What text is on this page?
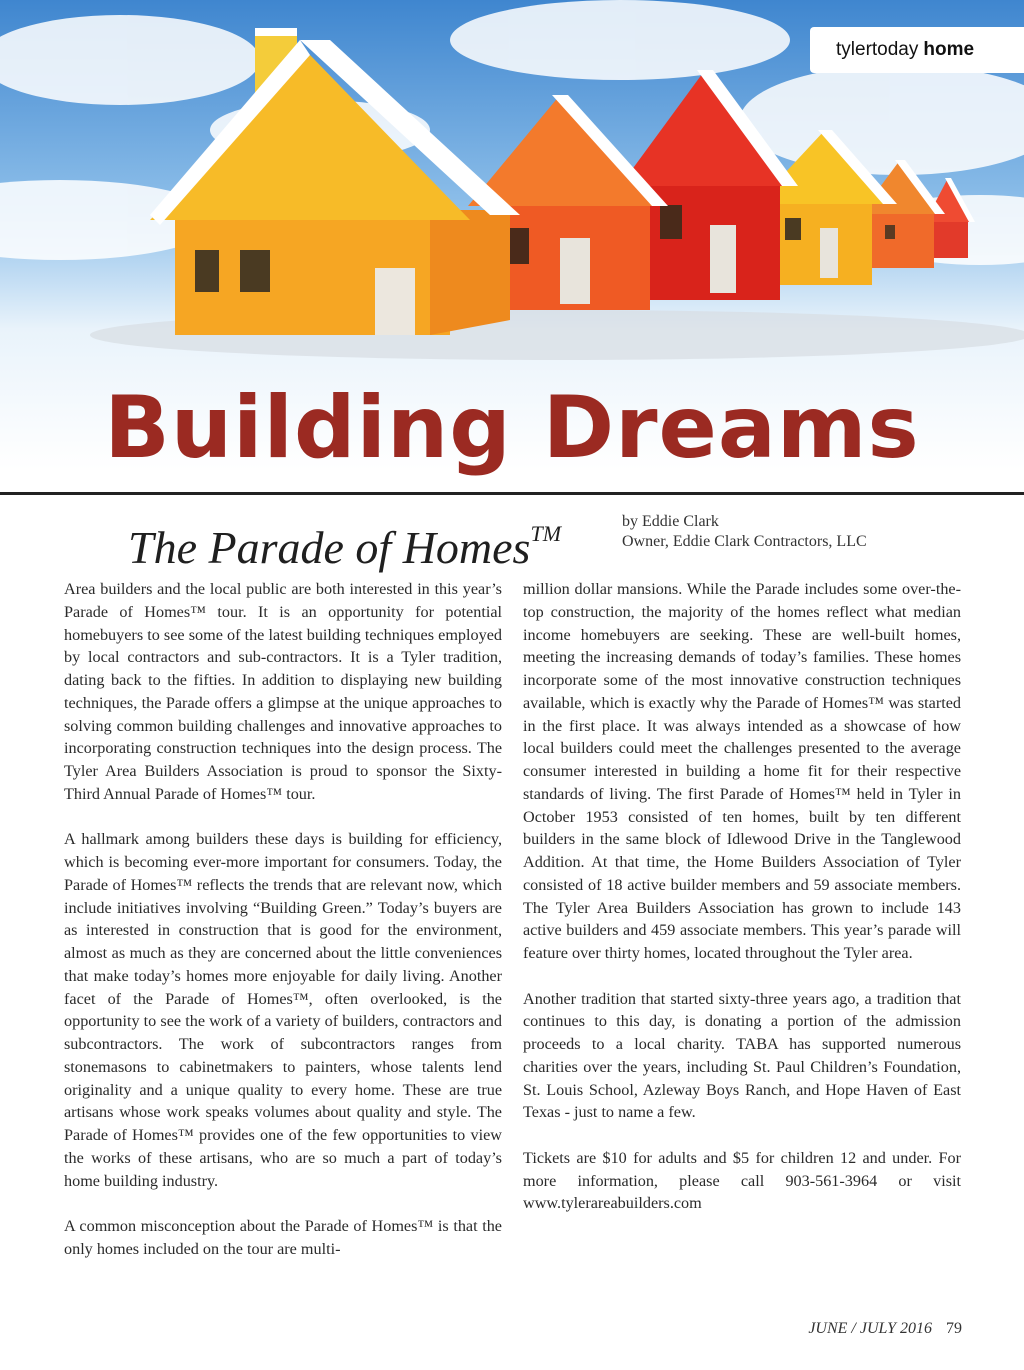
tylertoday home
Building Dreams
The Parade of Homes™	by Eddie Clark
Owner, Eddie Clark Contractors, LLC

Area builders and the local public are both interested in this year’s Parade of Homes™ tour. It is an opportunity for potential homebuyers to see some of the latest building techniques employed by local contractors and sub-contractors. It is a Tyler tradition, dating back to the fifties. In addition to displaying new building techniques, the Parade offers a glimpse at the unique approaches to solving common building challenges and innovative approaches to incorporating construction techniques into the design process. The Tyler Area Builders Association is proud to sponsor the Sixty-Third Annual Parade of Homes™ tour.

A hallmark among builders these days is building for efficiency, which is becoming ever-more important for consumers. Today, the Parade of Homes™ reflects the trends that are relevant now, which include initiatives involving “Building Green.” Today’s buyers are as interested in construction that is good for the environment, almost as much as they are concerned about the little conveniences that make today’s homes more enjoyable for daily living. Another facet of the Parade of Homes™, often overlooked, is the opportunity to see the work of a variety of builders, contractors and subcontractors. The work of subcontractors ranges from stonemasons to cabinetmakers to painters, whose talents lend originality and a unique quality to every home. These are true artisans whose work speaks volumes about quality and style. The Parade of Homes™ provides one of the few opportunities to view the works of these artisans, who are so much a part of today’s home building industry.

A common misconception about the Parade of Homes™ is that the only homes included on the tour are multi-

million dollar mansions. While the Parade includes some over-the-top construction, the majority of the homes reflect what median income homebuyers are seeking. These are well-built homes, meeting the increasing demands of today’s families. These homes incorporate some of the most innovative construction techniques available, which is exactly why the Parade of Homes™ was started in the first place. It was always intended as a showcase of how local builders could meet the challenges presented to the average consumer interested in building a home fit for their respective standards of living. The first Parade of Homes™ held in Tyler in October 1953 consisted of ten homes, built by ten different builders in the same block of Idlewood Drive in the Tanglewood Addition. At that time, the Home Builders Association of Tyler consisted of 18 active builder members and 59 associate members. The Tyler Area Builders Association has grown to include 143 active builders and 459 associate members. This year’s parade will feature over thirty homes, located throughout the Tyler area.

Another tradition that started sixty-three years ago, a tradition that continues to this day, is donating a portion of the admission proceeds to a local charity. TABA has supported numerous charities over the years, including St. Paul Children’s Foundation, St. Louis School, Azleway Boys Ranch, and Hope Haven of East Texas - just to name a few.

Tickets are $10 for adults and $5 for children 12 and under. For more information, please call 903-561-3964 or visit www.tylerareabuilders.com

JUNE / JULY 2016 79
